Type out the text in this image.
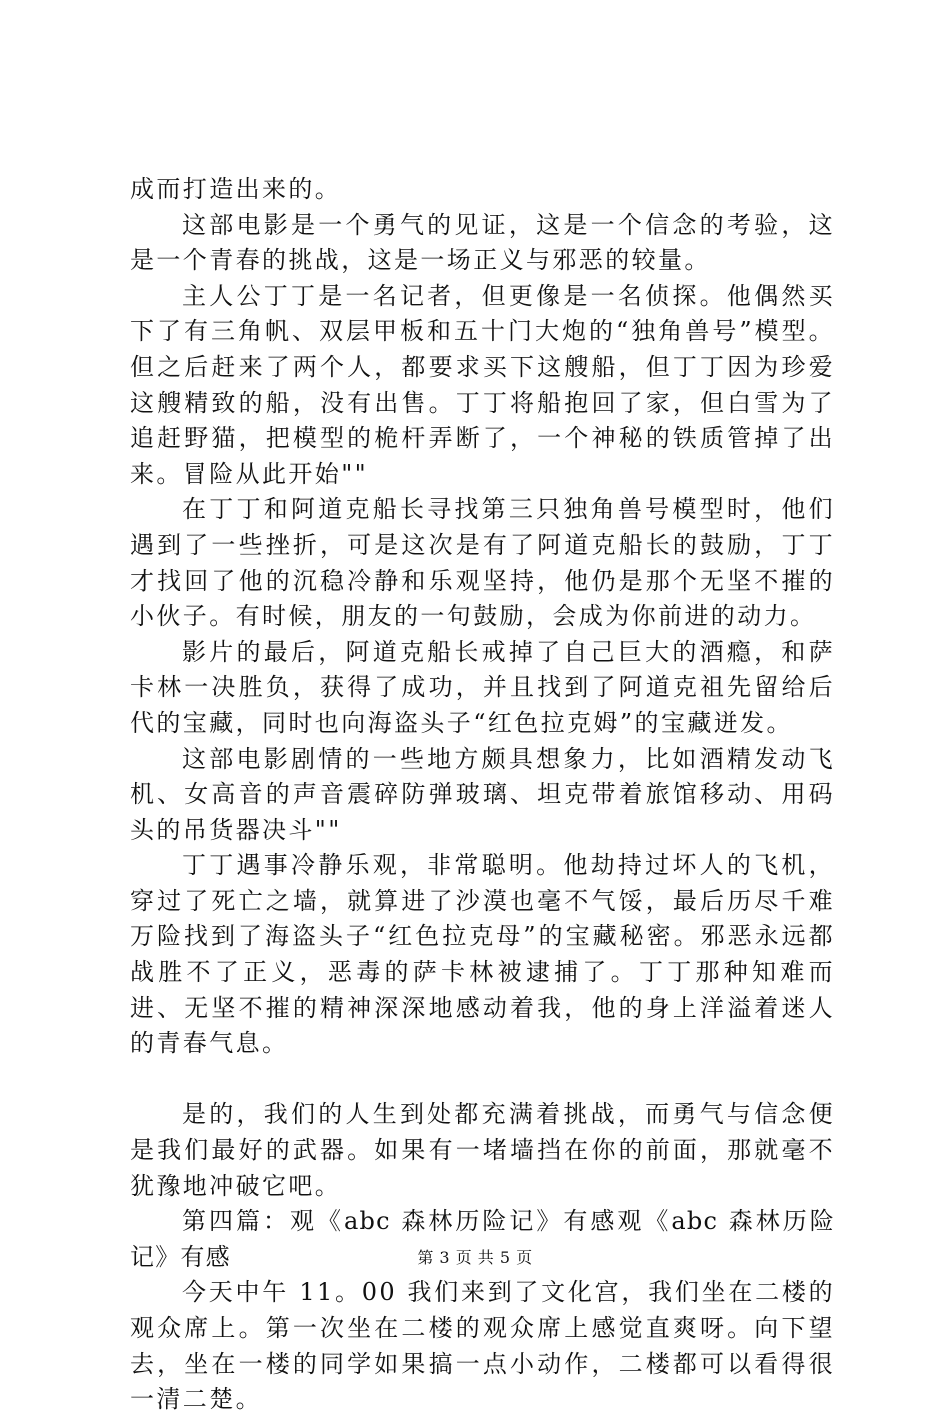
成而打造出来的。

这部电影是一个勇气的见证，这是一个信念的考验，这是一个青春的挑战，这是一场正义与邪恶的较量。

主人公丁丁是一名记者，但更像是一名侦探。他偶然买下了有三角帆、双层甲板和五十门大炮的“独角兽号”模型。但之后赶来了两个人，都要求买下这艘船，但丁丁因为珍爱这艘精致的船，没有出售。丁丁将船抱回了家，但白雪为了追赶野猫，把模型的桅杆弄断了，一个神秘的铁质管掉了出来。冒险从此开始""

在丁丁和阿道克船长寻找第三只独角兽号模型时，他们遇到了一些挫折，可是这次是有了阿道克船长的鼓励，丁丁才找回了他的沉稳冷静和乐观坚持，他仍是那个无坚不摧的小伙子。有时候，朋友的一句鼓励，会成为你前进的动力。

影片的最后，阿道克船长戒掉了自己巨大的酒瘾，和萨卡林一决胜负，获得了成功，并且找到了阿道克祖先留给后代的宝藏，同时也向海盗头子“红色拉克姆”的宝藏迸发。

这部电影剧情的一些地方颇具想象力，比如酒精发动飞机、女高音的声音震碎防弹玻璃、坦克带着旅馆移动、用码头的吊货器决斗""

丁丁遇事冷静乐观，非常聪明。他劫持过坏人的飞机，穿过了死亡之墙，就算进了沙漠也毫不气馁，最后历尽千难万险找到了海盗头子“红色拉克母”的宝藏秘密。邪恶永远都战胜不了正义，恶毒的萨卡林被逮捕了。丁丁那种知难而进、无坚不摧的精神深深地感动着我，他的身上洋溢着迷人的青春气息。

是的，我们的人生到处都充满着挑战，而勇气与信念便是我们最好的武器。如果有一堵墙挡在你的前面，那就毫不犹豫地冲破它吧。

第四篇：观《abc 森林历险记》有感观《abc 森林历险记》有感

今天中午 11。00 我们来到了文化宫，我们坐在二楼的观众席上。第一次坐在二楼的观众席上感觉直爽呀。向下望去，坐在一楼的同学如果搞一点小动作，二楼都可以看得很一清二楚。

第 3 页 共 5 页
